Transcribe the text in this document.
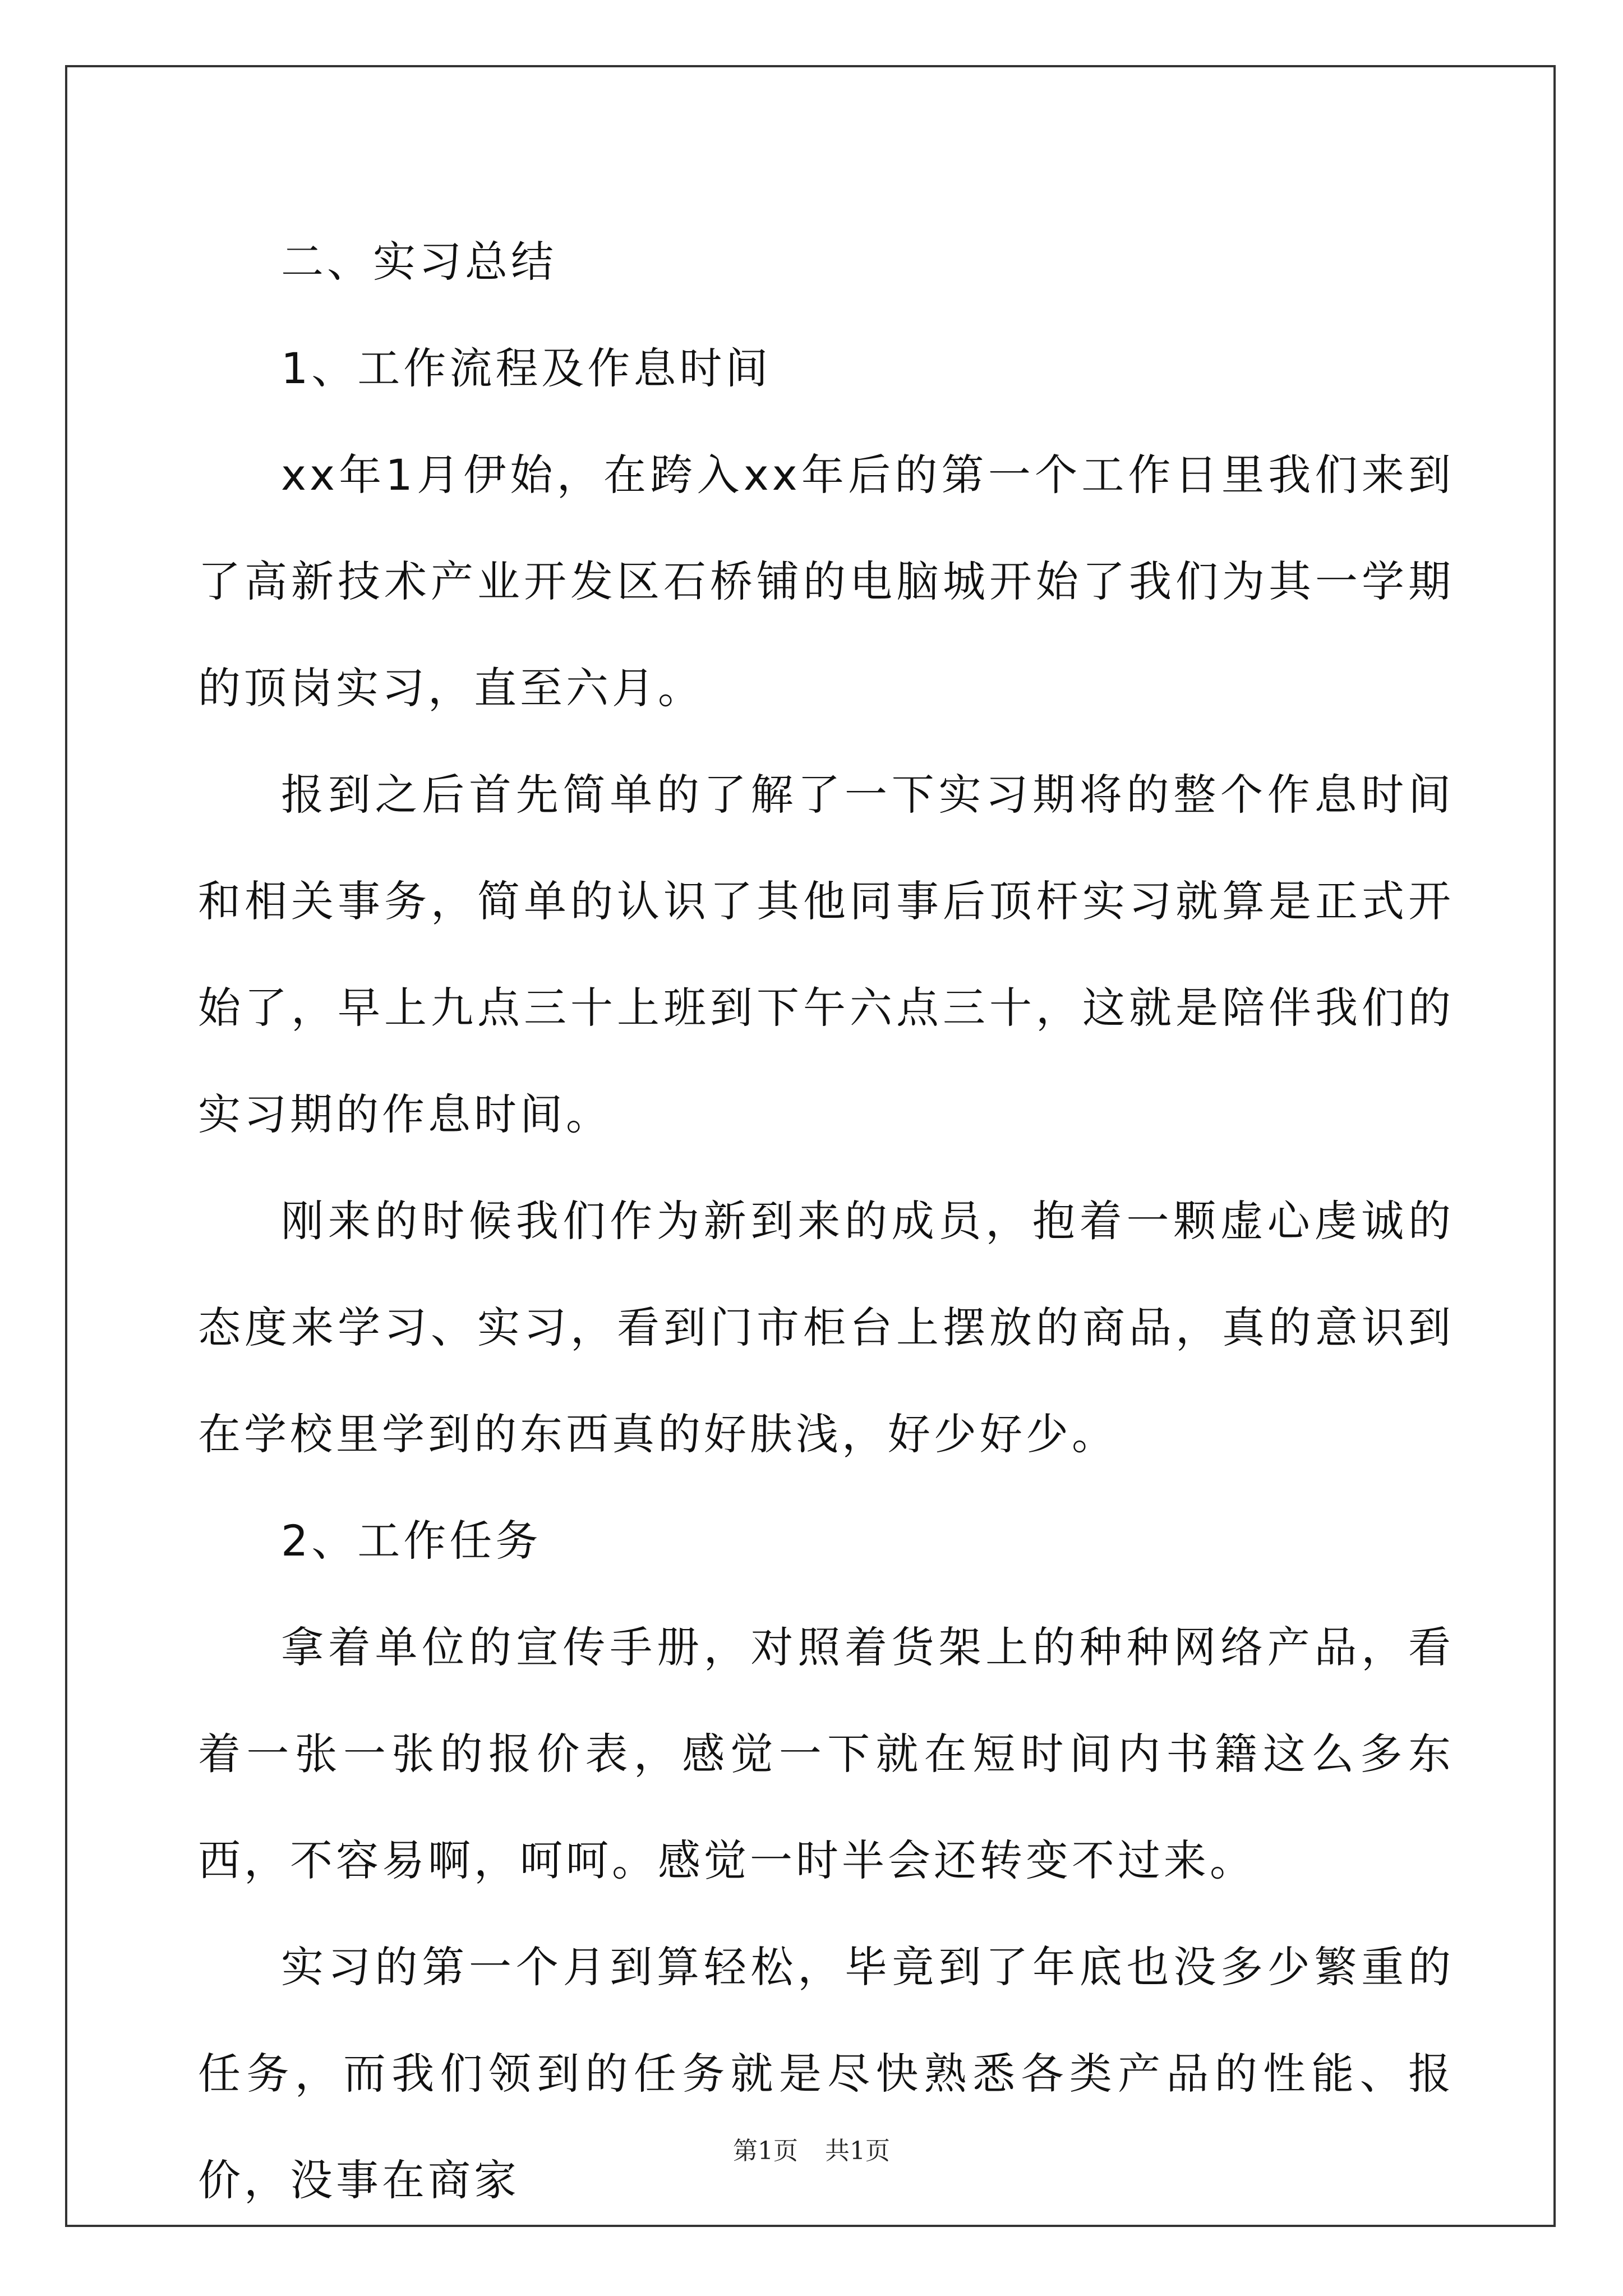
二、实习总结

1、工作流程及作息时间

xx年1月伊始，在跨入xx年后的第一个工作日里我们来到了高新技术产业开发区石桥铺的电脑城开始了我们为其一学期的顶岗实习，直至六月。

报到之后首先简单的了解了一下实习期将的整个作息时间和相关事务，简单的认识了其他同事后顶杆实习就算是正式开始了，早上九点三十上班到下午六点三十，这就是陪伴我们的实习期的作息时间。

刚来的时候我们作为新到来的成员，抱着一颗虚心虔诚的态度来学习、实习，看到门市柜台上摆放的商品，真的意识到在学校里学到的东西真的好肤浅，好少好少。

2、工作任务

拿着单位的宣传手册，对照着货架上的种种网络产品，看着一张一张的报价表，感觉一下就在短时间内书籍这么多东西，不容易啊，呵呵。感觉一时半会还转变不过来。

实习的第一个月到算轻松，毕竟到了年底也没多少繁重的任务，而我们领到的任务就是尽快熟悉各类产品的性能、报价，没事在商家

第1页 共1页
